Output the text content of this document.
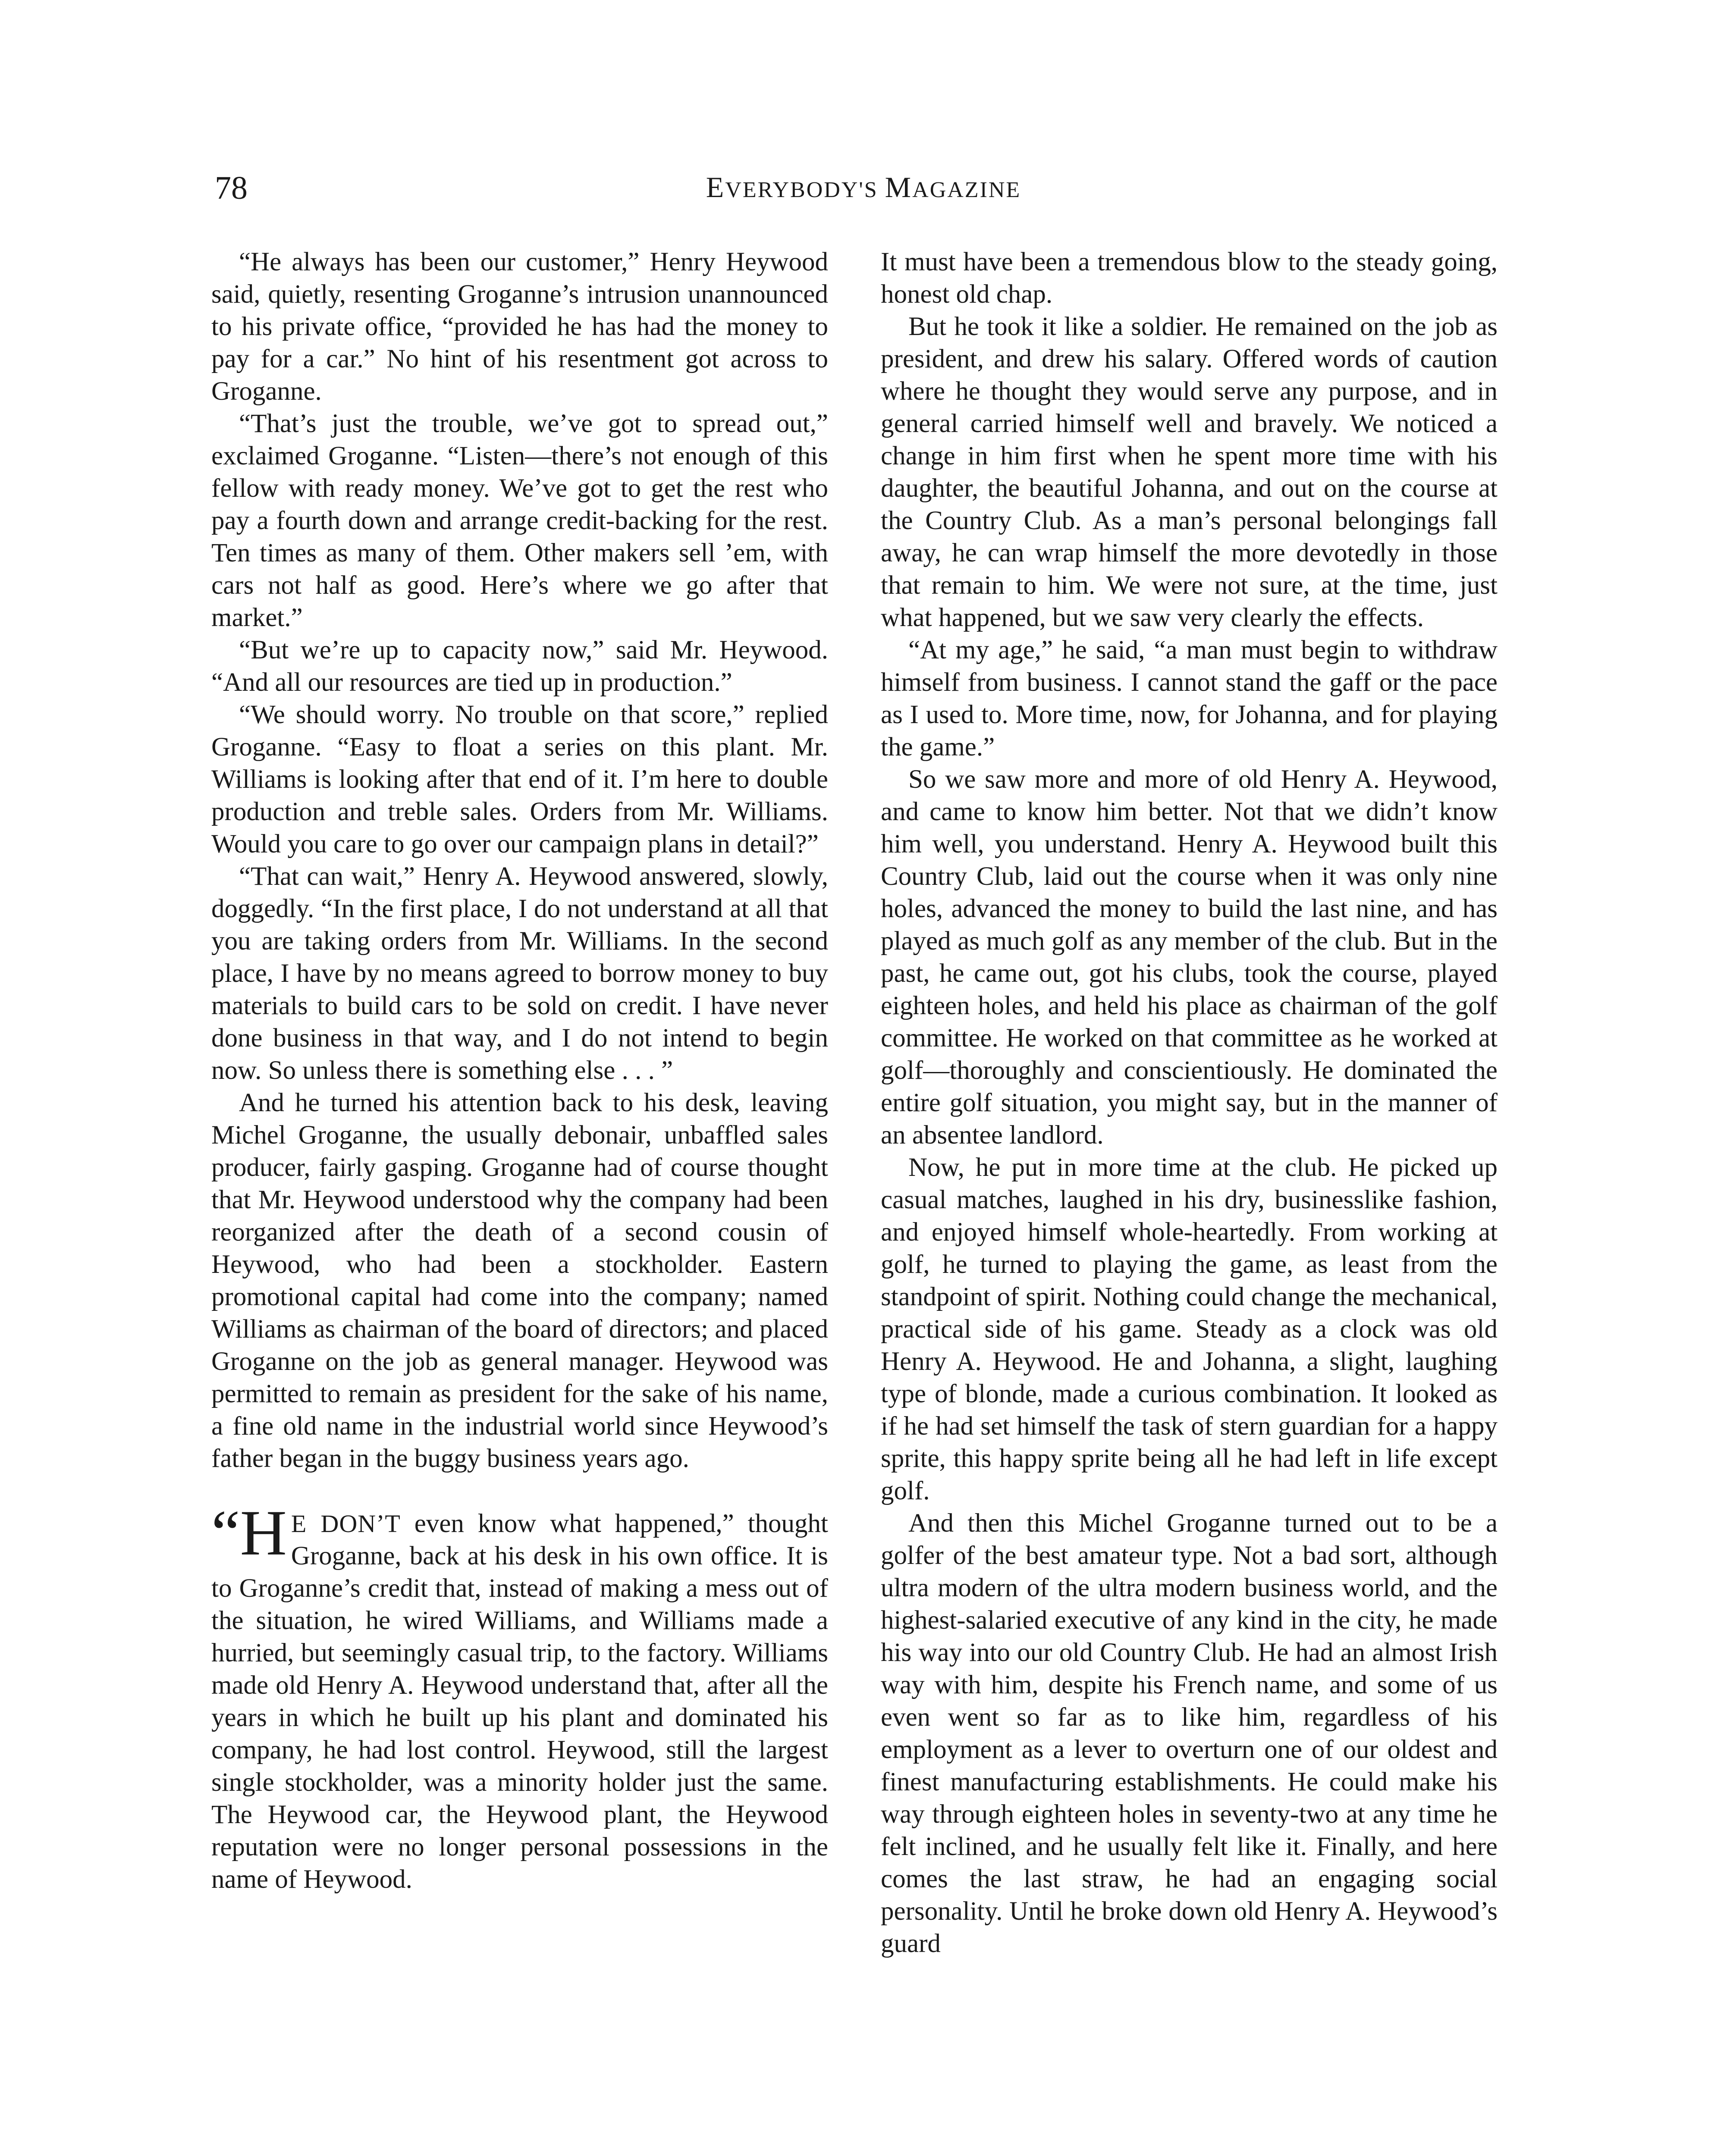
78	EVERYBODY'S MAGAZINE

“He always has been our customer,” Henry Heywood said, quietly, resenting Groganne’s intrusion unannounced to his private office, “provided he has had the money to pay for a car.” No hint of his resentment got across to Groganne.

“That’s just the trouble, we’ve got to spread out,” exclaimed Groganne. “Listen—there’s not enough of this fellow with ready money. We’ve got to get the rest who pay a fourth down and arrange credit-backing for the rest. Ten times as many of them. Other makers sell ’em, with cars not half as good. Here’s where we go after that market.”

“But we’re up to capacity now,” said Mr. Heywood. “And all our resources are tied up in production.”

“We should worry. No trouble on that score,” replied Groganne. “Easy to float a series on this plant. Mr. Williams is looking after that end of it. I’m here to double production and treble sales. Orders from Mr. Williams. Would you care to go over our campaign plans in detail?”

“That can wait,” Henry A. Heywood answered, slowly, doggedly. “In the first place, I do not understand at all that you are taking orders from Mr. Williams. In the second place, I have by no means agreed to borrow money to buy materials to build cars to be sold on credit. I have never done business in that way, and I do not intend to begin now. So unless there is something else . . . ”

And he turned his attention back to his desk, leaving Michel Groganne, the usually debonair, unbaffled sales producer, fairly gasping. Groganne had of course thought that Mr. Heywood understood why the company had been reorganized after the death of a second cousin of Heywood, who had been a stockholder. Eastern promotional capital had come into the company; named Williams as chairman of the board of directors; and placed Groganne on the job as general manager. Heywood was permitted to remain as president for the sake of his name, a fine old name in the industrial world since Heywood’s father began in the buggy business years ago.

“H E DON’T even know what happened,” thought Groganne, back at his desk in his own office. It is to Groganne’s credit that, instead of making a mess out of the situation, he wired Williams, and Williams made a hurried, but seemingly casual trip, to the factory. Williams made old Henry A. Heywood understand that, after all the years in which he built up his plant and dominated his company, he had lost control. Heywood, still the largest single stockholder, was a minority holder just the same. The Heywood car, the Heywood plant, the Heywood reputation were no longer personal possessions in the name of Heywood.

It must have been a tremendous blow to the steady going, honest old chap.

But he took it like a soldier. He remained on the job as president, and drew his salary. Offered words of caution where he thought they would serve any purpose, and in general carried himself well and bravely. We noticed a change in him first when he spent more time with his daughter, the beautiful Johanna, and out on the course at the Country Club. As a man’s personal belongings fall away, he can wrap himself the more devotedly in those that remain to him. We were not sure, at the time, just what happened, but we saw very clearly the effects.

“At my age,” he said, “a man must begin to withdraw himself from business. I cannot stand the gaff or the pace as I used to. More time, now, for Johanna, and for playing the game.”

So we saw more and more of old Henry A. Heywood, and came to know him better. Not that we didn’t know him well, you understand. Henry A. Heywood built this Country Club, laid out the course when it was only nine holes, advanced the money to build the last nine, and has played as much golf as any member of the club. But in the past, he came out, got his clubs, took the course, played eighteen holes, and held his place as chairman of the golf committee. He worked on that committee as he worked at golf—thoroughly and conscientiously. He dominated the entire golf situation, you might say, but in the manner of an absentee landlord.

Now, he put in more time at the club. He picked up casual matches, laughed in his dry, businesslike fashion, and enjoyed himself whole-heartedly. From working at golf, he turned to playing the game, as least from the standpoint of spirit. Nothing could change the mechanical, practical side of his game. Steady as a clock was old Henry A. Heywood. He and Johanna, a slight, laughing type of blonde, made a curious combination. It looked as if he had set himself the task of stern guardian for a happy sprite, this happy sprite being all he had left in life except golf.

And then this Michel Groganne turned out to be a golfer of the best amateur type. Not a bad sort, although ultra modern of the ultra modern business world, and the highest-salaried executive of any kind in the city, he made his way into our old Country Club. He had an almost Irish way with him, despite his French name, and some of us even went so far as to like him, regardless of his employment as a lever to overturn one of our oldest and finest manufacturing establishments. He could make his way through eighteen holes in seventy-two at any time he felt inclined, and he usually felt like it. Finally, and here comes the last straw, he had an engaging social personality. Until he broke down old Henry A. Heywood’s guard
